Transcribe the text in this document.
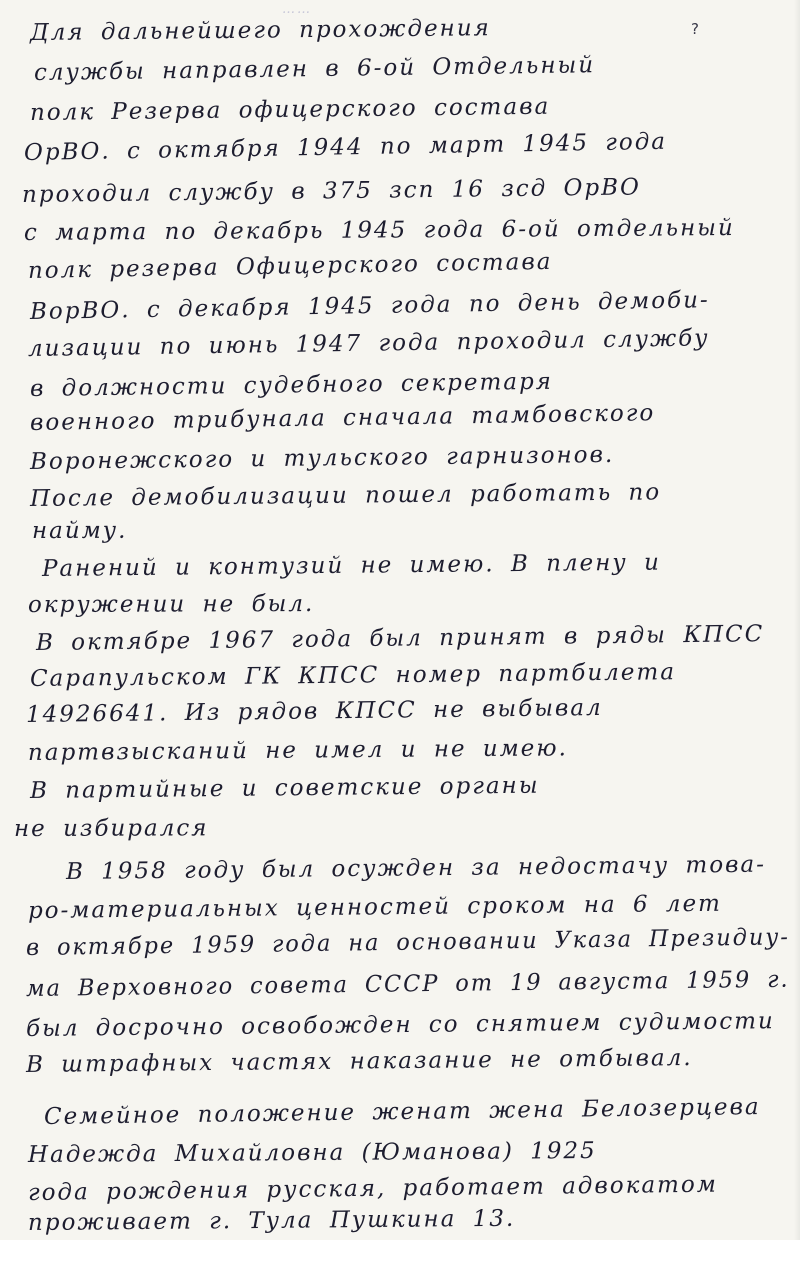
……
?
Для дальнейшего прохождения
службы направлен в 6-ой Отдельный
полк Резерва офицерского состава
ОрВО. с октября 1944 по март 1945 года
проходил службу в 375 зсп 16 зсд ОрВО
с марта по декабрь 1945 года 6-ой отдельный
полк резерва Офицерского состава
ВорВО. с декабря 1945 года по день демоби-
лизации по июнь 1947 года проходил службу
в должности судебного секретаря
военного трибунала сначала тамбовского
Воронежского и тульского гарнизонов.
После демобилизации пошел работать по
найму.
Ранений и контузий не имею. В плену и
окружении не был.
В октябре 1967 года был принят в ряды КПСС
Сарапульском ГК КПСС номер партбилета
14926641. Из рядов КПСС не выбывал
партвзысканий не имел и не имею.
В партийные и советские органы
не избирался
В 1958 году был осужден за недостачу това-
ро-материальных ценностей сроком на 6 лет
в октябре 1959 года на основании Указа Президиу-
ма Верховного совета СССР от 19 августа 1959 г.
был досрочно освобожден со снятием судимости
В штрафных частях наказание не отбывал.
Семейное положение женат жена Белозерцева
Надежда Михайловна (Юманова) 1925
года рождения русская, работает адвокатом
проживает г. Тула Пушкина 13.
